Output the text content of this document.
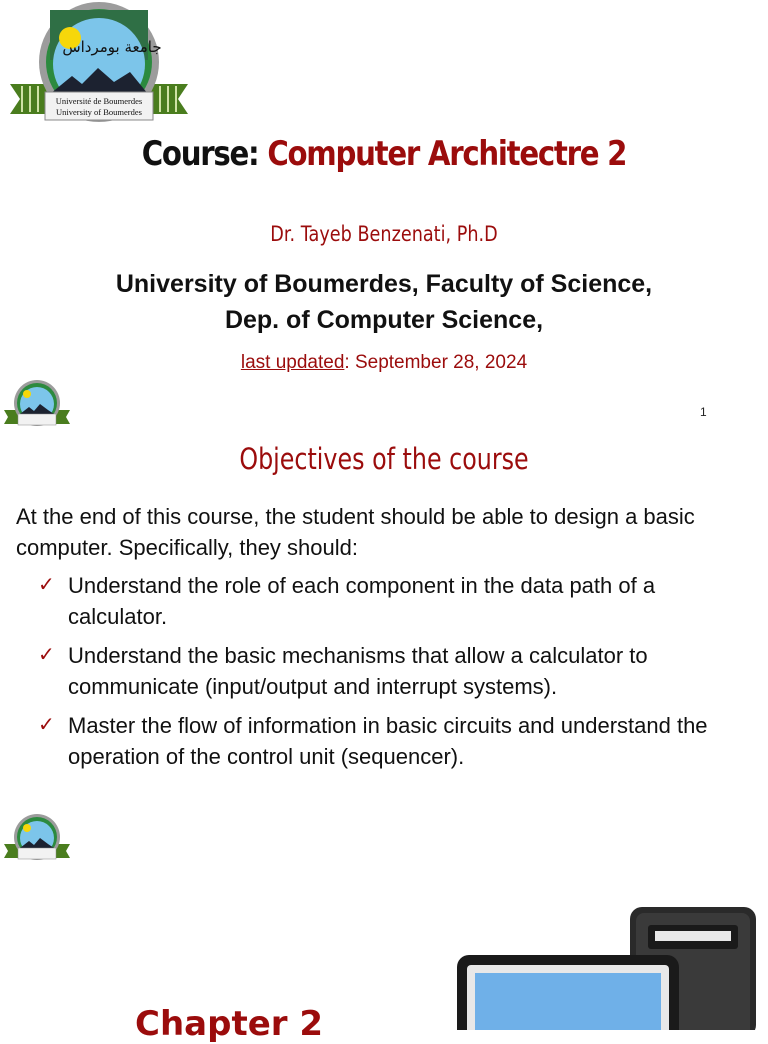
جامعة بومرداس
Université de Boumerdes
University of Boumerdes
Course: Computer Architectre 2
Dr. Tayeb Benzenati, Ph.D
University of Boumerdes, Faculty of Science,
Dep. of Computer Science,
last updated: September 28, 2024
1
Objectives of the course
At the end of this course, the student should be able to design a basic computer. Specifically, they should:
✓ Understand the role of each component in the data path of a calculator.
✓ Understand the basic mechanisms that allow a calculator to communicate (input/output and interrupt systems).
✓ Master the flow of information in basic circuits and understand the operation of the control unit (sequencer).
Chapter 2
